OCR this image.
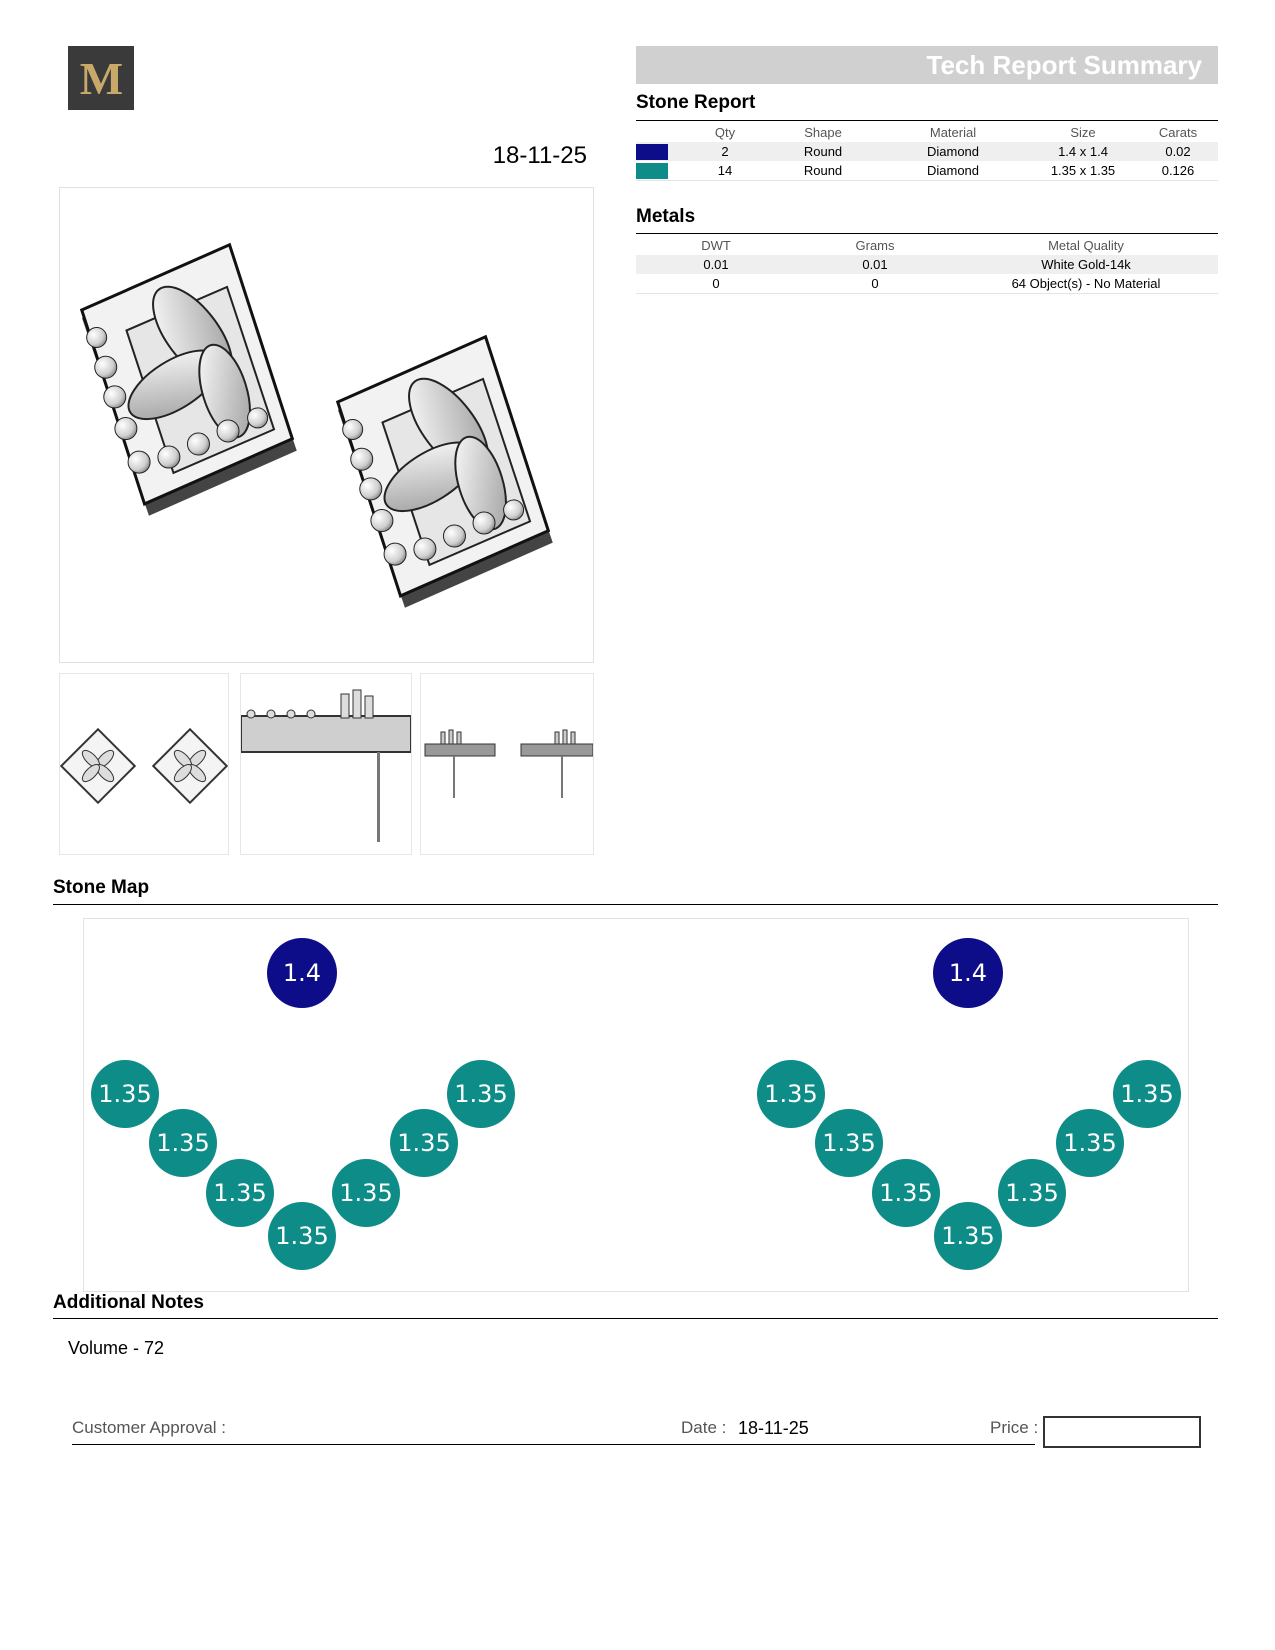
M
18-11-25
Tech Report Summary
Stone Report
	Qty	Shape	Material	Size	Carats
	2	Round	Diamond	1.4 x 1.4	0.02
	14	Round	Diamond	1.35 x 1.35	0.126
Metals
DWT	Grams	Metal Quality
0.01	0.01	White Gold-14k
0	0	64 Object(s) - No Material
Stone Map
1.4
1.35
1.35
1.35
1.35
1.35
1.35
1.35
1.4
1.35
1.35
1.35
1.35
1.35
1.35
1.35
Additional Notes
Volume - 72
Customer Approval :	Date : 18-11-25	Price :
